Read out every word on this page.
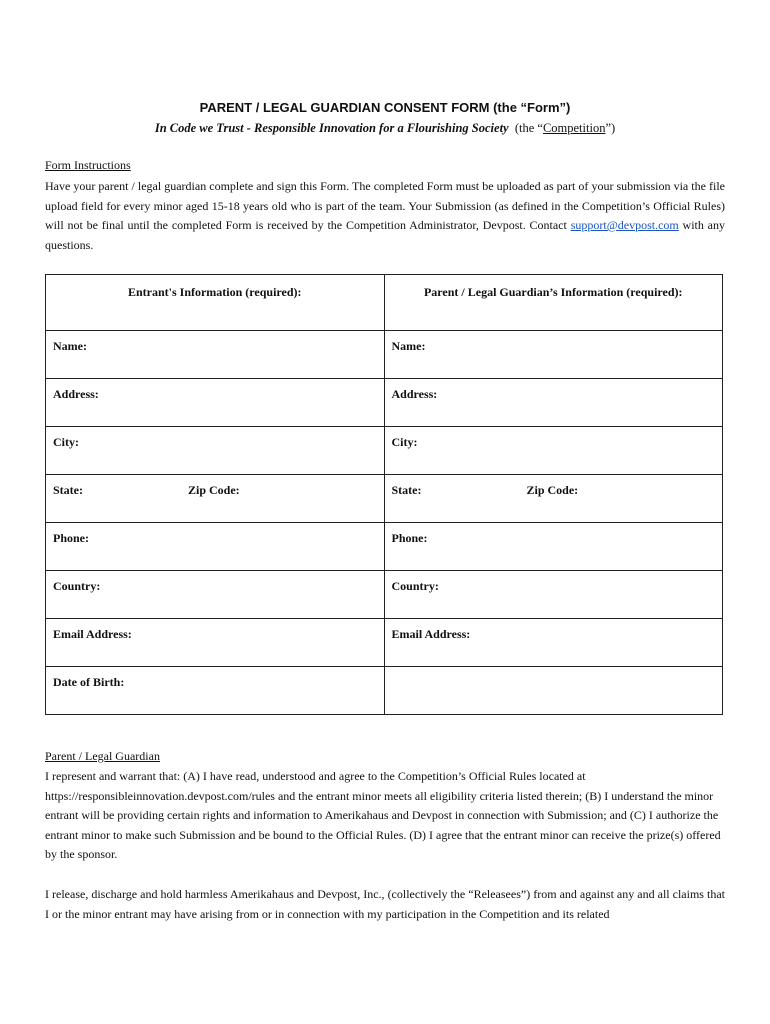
PARENT / LEGAL GUARDIAN CONSENT FORM (the “Form”)
In Code we Trust - Responsible Innovation for a Flourishing Society (the “Competition”)
Form Instructions
Have your parent / legal guardian complete and sign this Form. The completed Form must be uploaded as part of your submission via the file upload field for every minor aged 15-18 years old who is part of the team. Your Submission (as defined in the Competition’s Official Rules) will not be final until the completed Form is received by the Competition Administrator, Devpost. Contact support@devpost.com with any questions.
Entrant's Information (required):	Parent / Legal Guardian’s Information (required):
Name:	Name:
Address:	Address:
City:	City:

State: Zip Code:	State: Zip Code:

Phone:	Phone:
Country:	Country:
Email Address:	Email Address:
Date of Birth:	
Parent / Legal Guardian
I represent and warrant that: (A) I have read, understood and agree to the Competition’s Official Rules located at https://responsibleinnovation.devpost.com/rules and the entrant minor meets all eligibility criteria listed therein; (B) I understand the minor entrant will be providing certain rights and information to Amerikahaus and Devpost in connection with Submission; and (C) I authorize the entrant minor to make such Submission and be bound to the Official Rules. (D) I agree that the entrant minor can receive the prize(s) offered by the sponsor.
I release, discharge and hold harmless Amerikahaus and Devpost, Inc., (collectively the “Releasees”) from and against any and all claims that I or the minor entrant may have arising from or in connection with my participation in the Competition and its related
